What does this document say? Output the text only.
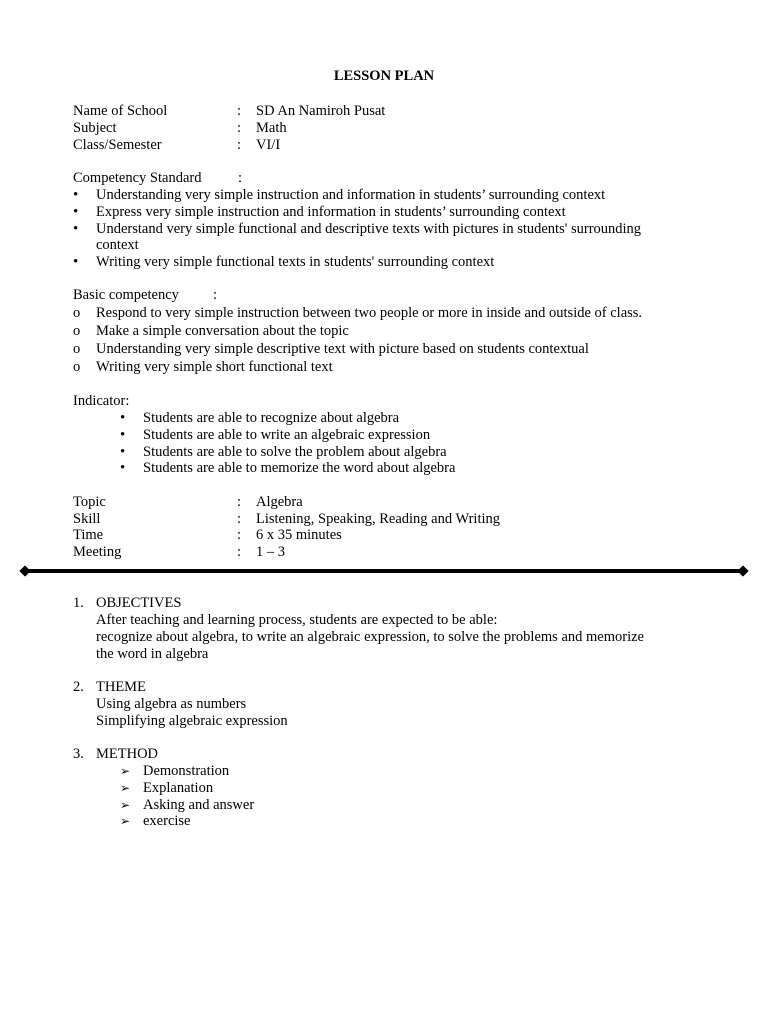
LESSON PLAN
Name of School	: SD An Namiroh Pusat
Subject	: Math
Class/Semester	: VI/I
Competency Standard	:
•
Understanding very simple instruction and information in students’ surrounding context
•
Express very simple instruction and information in students’ surrounding context
•
Understand very simple functional and descriptive texts with pictures in students' surrounding
context
•
Writing very simple functional texts in students' surrounding context
Basic competency :
o
Respond to very simple instruction between two people or more in inside and outside of class.
o
Make a simple conversation about the topic
o
Understanding very simple descriptive text with picture based on students contextual
o
Writing very simple short functional text
Indicator:
•
Students are able to recognize about algebra
•
Students are able to write an algebraic expression
•
Students are able to solve the problem about algebra
•
Students are able to memorize the word about algebra
Topic	: Algebra
Skill	: Listening, Speaking, Reading and Writing
Time	: 6 x 35 minutes
Meeting	: 1 – 3
1. OBJECTIVES
After teaching and learning process, students are expected to be able:
recognize about algebra, to write an algebraic expression, to solve the problems and memorize
the word in algebra
2. THEME
Using algebra as numbers
Simplifying algebraic expression
3. METHOD
➢
Demonstration
➢
Explanation
➢
Asking and answer
➢
exercise
